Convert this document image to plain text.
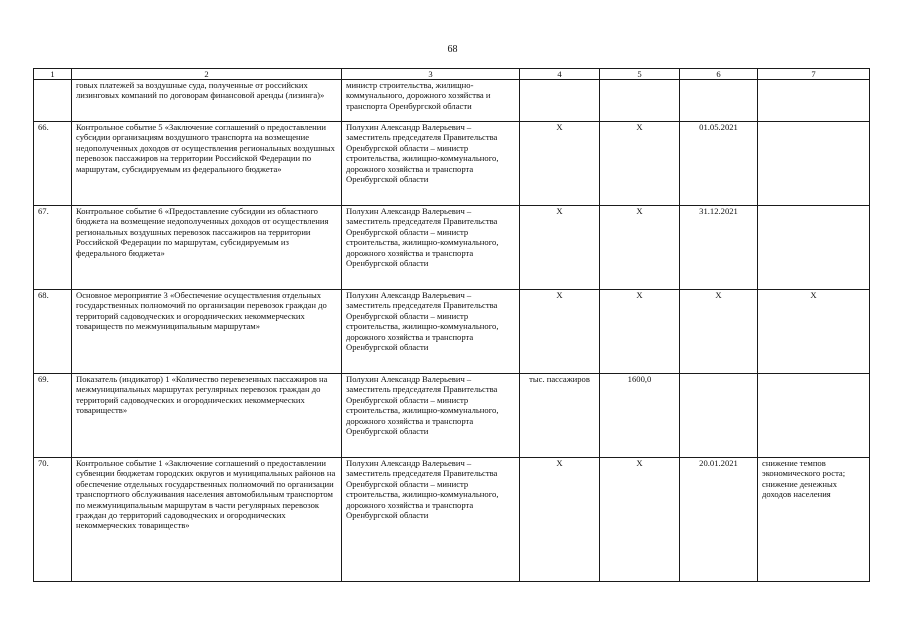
68
1	2	3	4	5	6	7
	говых платежей за воздушные суда, полученные от российских лизинговых компаний по договорам финансовой аренды (лизинга)»	министр строительства, жилищно-коммунального, дорожного хозяйства и транспорта Оренбургской области				
66.	Контрольное событие 5 «Заключение соглашений о предоставлении субсидии организациям воздушного транспорта на возмещение недополученных доходов от осуществления региональных воздушных перевозок пассажиров на территории Российской Федерации по маршрутам, субсидируемым из федерального бюджета»	Полухин Александр Валерьевич – заместитель председателя Правительства Оренбургской области – министр строительства, жилищно-коммунального, дорожного хозяйства и транспорта Оренбургской области	X	X	01.05.2021	
67.	Контрольное событие 6 «Предоставление субсидии из областного бюджета на возмещение недополученных доходов от осуществления региональных воздушных перевозок пассажиров на территории Российской Федерации по маршрутам, субсидируемым из федерального бюджета»	Полухин Александр Валерьевич – заместитель председателя Правительства Оренбургской области – министр строительства, жилищно-коммунального, дорожного хозяйства и транспорта Оренбургской области	X	X	31.12.2021	
68.	Основное мероприятие 3 «Обеспечение осуществления отдельных государственных полномочий по организации перевозок граждан до территорий садоводческих и огороднических некоммерческих товариществ по межмуниципальным маршрутам»	Полухин Александр Валерьевич – заместитель председателя Правительства Оренбургской области – министр строительства, жилищно-коммунального, дорожного хозяйства и транспорта Оренбургской области	X	X	X	X
69.	Показатель (индикатор) 1 «Количество перевезенных пассажиров на межмуниципальных маршрутах регулярных перевозок граждан до территорий садоводческих и огороднических некоммерческих товариществ»	Полухин Александр Валерьевич – заместитель председателя Правительства Оренбургской области – министр строительства, жилищно-коммунального, дорожного хозяйства и транспорта Оренбургской области	тыс. пассажиров	1600,0		
70.	Контрольное событие 1 «Заключение соглашений о предоставлении субвенции бюджетам городских округов и муниципальных районов на обеспечение отдельных государственных полномочий по организации транспортного обслуживания населения автомобильным транспортом по межмуниципальным маршрутам в части регулярных перевозок граждан до территорий садоводческих и огороднических некоммерческих товариществ»	Полухин Александр Валерьевич – заместитель председателя Правительства Оренбургской области – министр строительства, жилищно-коммунального, дорожного хозяйства и транспорта Оренбургской области	X	X	20.01.2021	снижение темпов экономического роста; снижение денежных доходов населения
